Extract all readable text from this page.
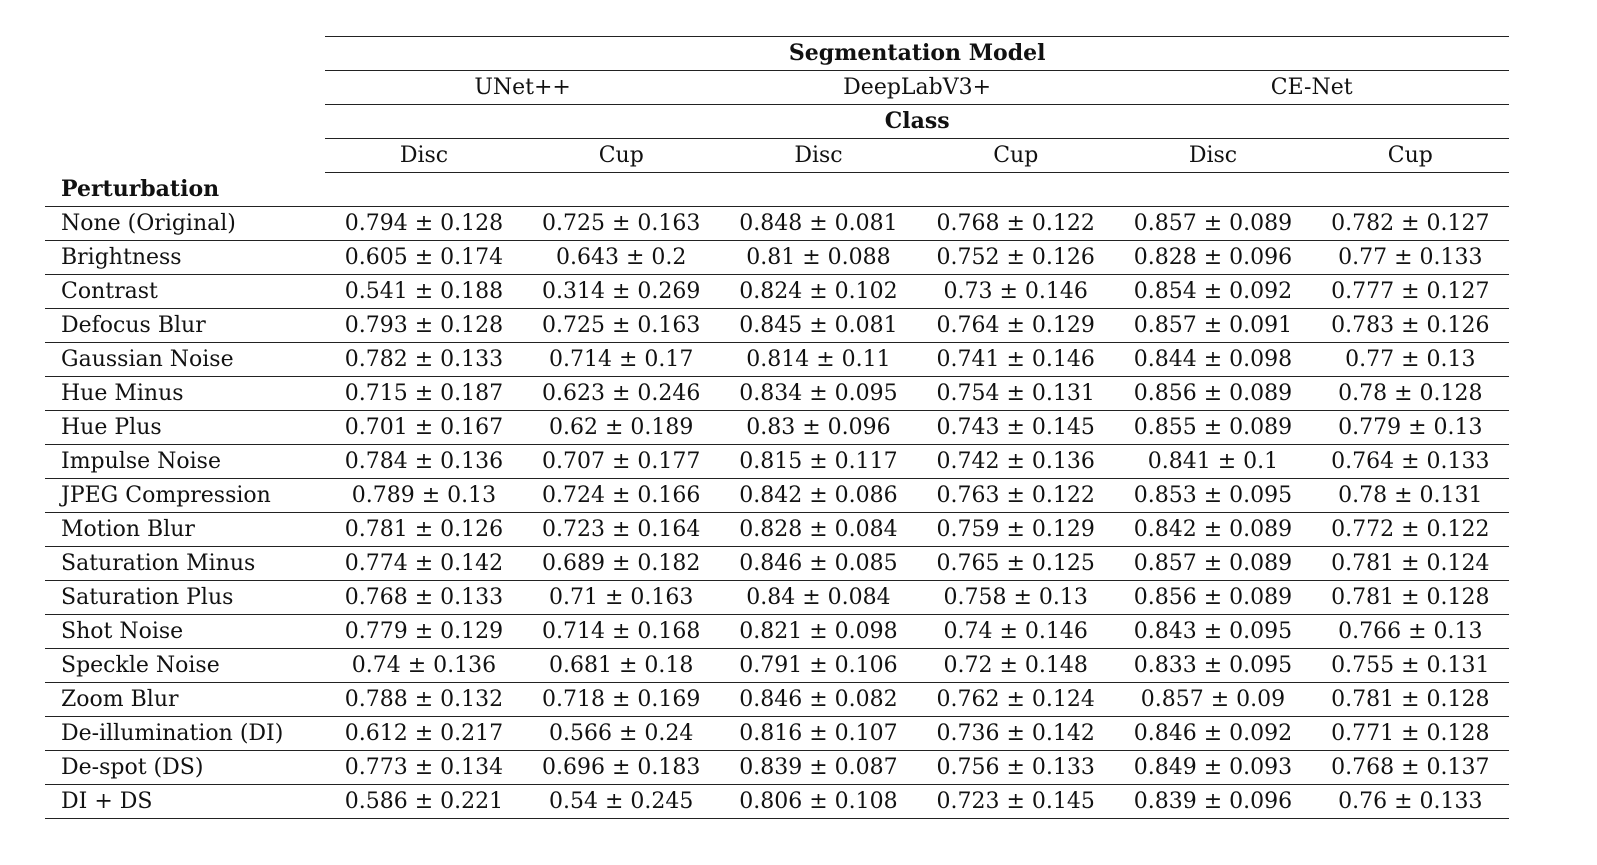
	Segmentation Model					
	UNet++		DeepLabV3+		CE-Net	
	Class					
	Disc	Cup	Disc	Cup	Disc	Cup
Perturbation						
None (Original)	0.794 ± 0.128	0.725 ± 0.163	0.848 ± 0.081	0.768 ± 0.122	0.857 ± 0.089	0.782 ± 0.127
Brightness	0.605 ± 0.174	0.643 ± 0.2	0.81 ± 0.088	0.752 ± 0.126	0.828 ± 0.096	0.77 ± 0.133
Contrast	0.541 ± 0.188	0.314 ± 0.269	0.824 ± 0.102	0.73 ± 0.146	0.854 ± 0.092	0.777 ± 0.127
Defocus Blur	0.793 ± 0.128	0.725 ± 0.163	0.845 ± 0.081	0.764 ± 0.129	0.857 ± 0.091	0.783 ± 0.126
Gaussian Noise	0.782 ± 0.133	0.714 ± 0.17	0.814 ± 0.11	0.741 ± 0.146	0.844 ± 0.098	0.77 ± 0.13
Hue Minus	0.715 ± 0.187	0.623 ± 0.246	0.834 ± 0.095	0.754 ± 0.131	0.856 ± 0.089	0.78 ± 0.128
Hue Plus	0.701 ± 0.167	0.62 ± 0.189	0.83 ± 0.096	0.743 ± 0.145	0.855 ± 0.089	0.779 ± 0.13
Impulse Noise	0.784 ± 0.136	0.707 ± 0.177	0.815 ± 0.117	0.742 ± 0.136	0.841 ± 0.1	0.764 ± 0.133
JPEG Compression	0.789 ± 0.13	0.724 ± 0.166	0.842 ± 0.086	0.763 ± 0.122	0.853 ± 0.095	0.78 ± 0.131
Motion Blur	0.781 ± 0.126	0.723 ± 0.164	0.828 ± 0.084	0.759 ± 0.129	0.842 ± 0.089	0.772 ± 0.122
Saturation Minus	0.774 ± 0.142	0.689 ± 0.182	0.846 ± 0.085	0.765 ± 0.125	0.857 ± 0.089	0.781 ± 0.124
Saturation Plus	0.768 ± 0.133	0.71 ± 0.163	0.84 ± 0.084	0.758 ± 0.13	0.856 ± 0.089	0.781 ± 0.128
Shot Noise	0.779 ± 0.129	0.714 ± 0.168	0.821 ± 0.098	0.74 ± 0.146	0.843 ± 0.095	0.766 ± 0.13
Speckle Noise	0.74 ± 0.136	0.681 ± 0.18	0.791 ± 0.106	0.72 ± 0.148	0.833 ± 0.095	0.755 ± 0.131
Zoom Blur	0.788 ± 0.132	0.718 ± 0.169	0.846 ± 0.082	0.762 ± 0.124	0.857 ± 0.09	0.781 ± 0.128
De-illumination (DI)	0.612 ± 0.217	0.566 ± 0.24	0.816 ± 0.107	0.736 ± 0.142	0.846 ± 0.092	0.771 ± 0.128
De-spot (DS)	0.773 ± 0.134	0.696 ± 0.183	0.839 ± 0.087	0.756 ± 0.133	0.849 ± 0.093	0.768 ± 0.137
DI + DS	0.586 ± 0.221	0.54 ± 0.245	0.806 ± 0.108	0.723 ± 0.145	0.839 ± 0.096	0.76 ± 0.133
